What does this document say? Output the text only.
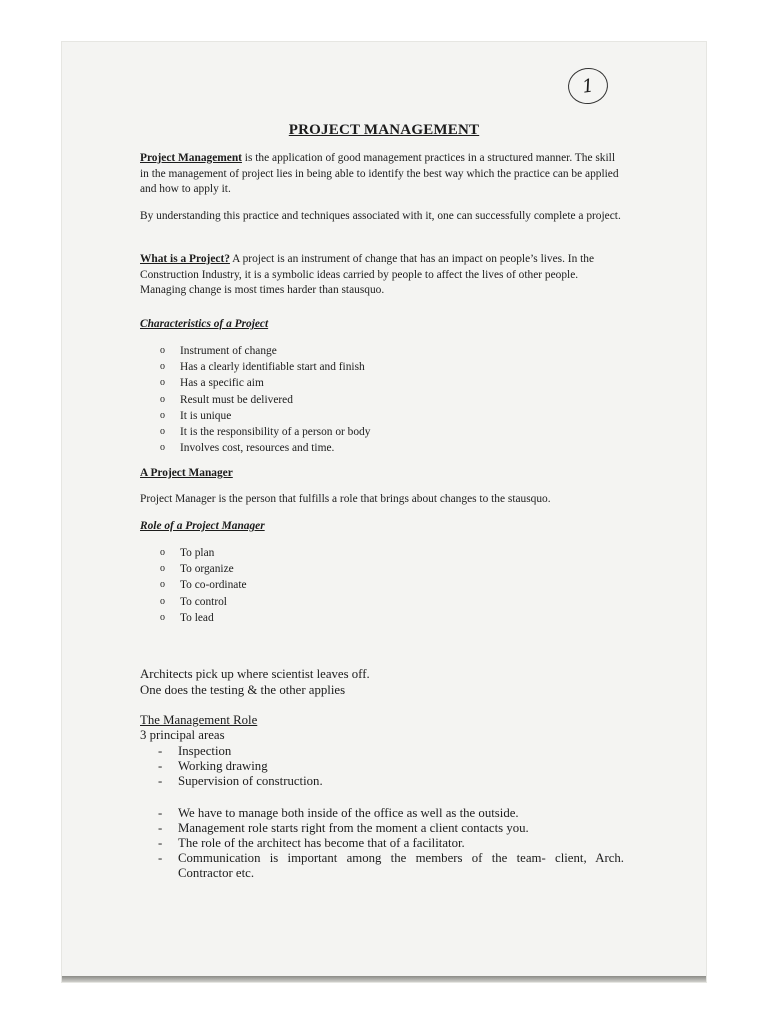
1
PROJECT MANAGEMENT

Project Management is the application of good management practices in a structured manner. The skill in the management of project lies in being able to identify the best way which the practice can be applied and how to apply it.

By understanding this practice and techniques associated with it, one can successfully complete a project.

What is a Project? A project is an instrument of change that has an impact on people’s lives. In the Construction Industry, it is a symbolic ideas carried by people to affect the lives of other people. Managing change is most times harder than stausquo.

Characteristics of a Project

o Instrument of change
o Has a clearly identifiable start and finish
o Has a specific aim
o Result must be delivered
o It is unique
o It is the responsibility of a person or body
o Involves cost, resources and time.

A Project Manager

Project Manager is the person that fulfills a role that brings about changes to the stausquo.

Role of a Project Manager

o To plan
o To organize
o To co-ordinate
o To control
o To lead

Architects pick up where scientist leaves off.

One does the testing & the other applies

The Management Role

3 principal areas

- Inspection
- Working drawing
- Supervision of construction.
- We have to manage both inside of the office as well as the outside.
- Management role starts right from the moment a client contacts you.
- The role of the architect has become that of a facilitator.
- Communication is important among the members of the team- client, Arch.
Contractor etc.
